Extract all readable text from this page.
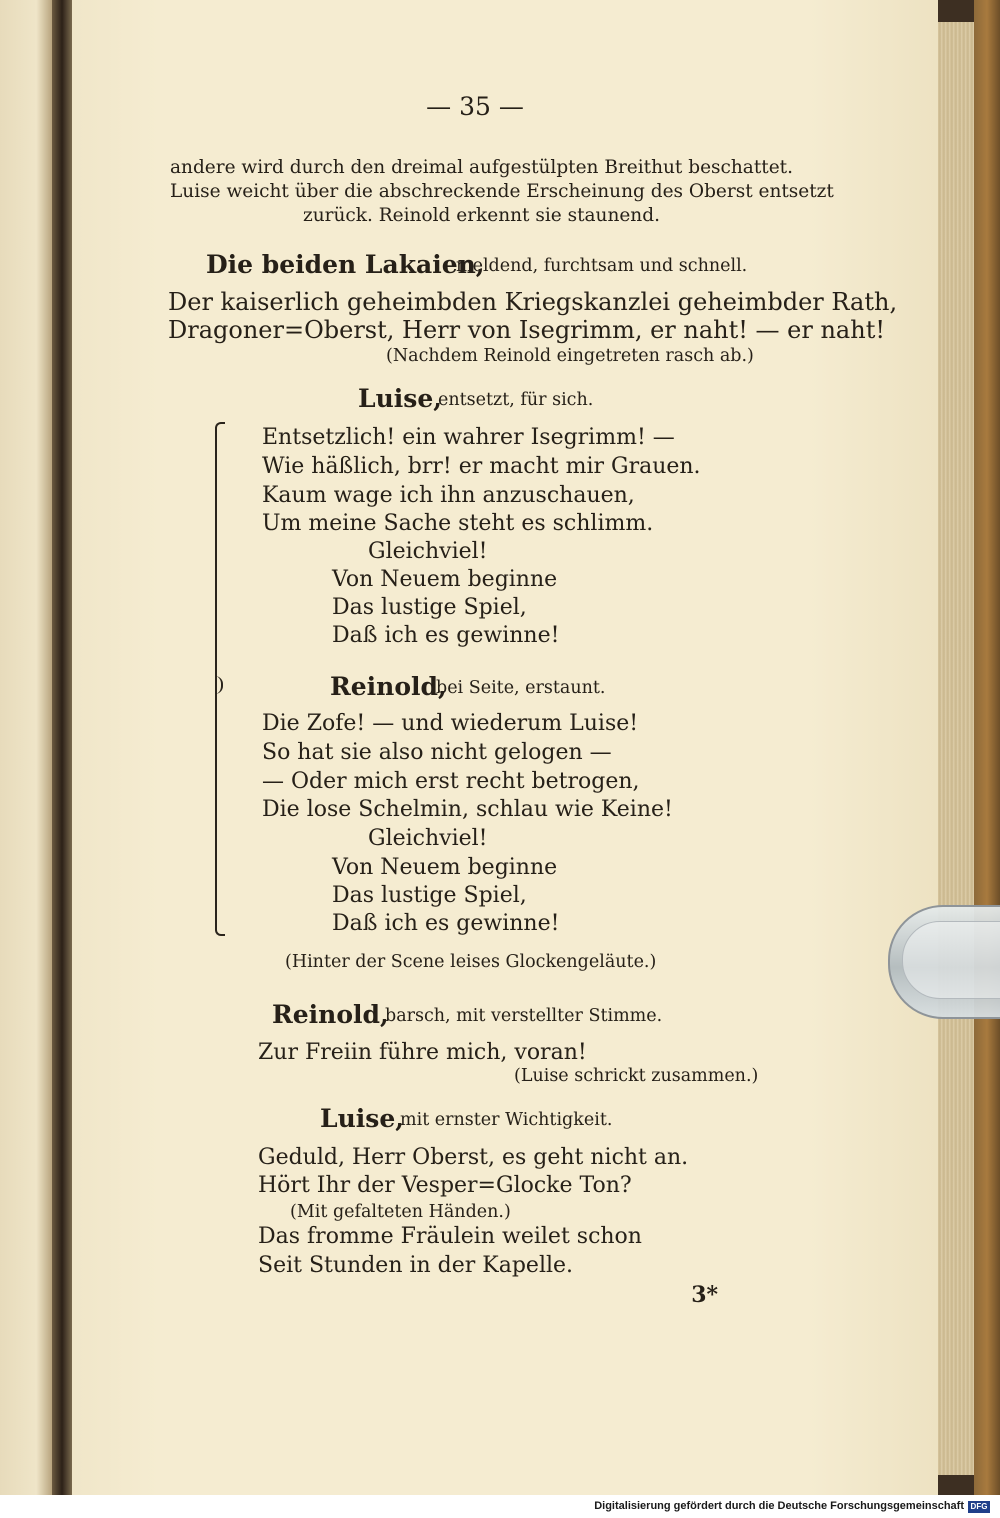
— 35 —

andere wird durch den dreimal aufgestülpten Breithut beschattet.

Luise weicht über die abschreckende Erscheinung des Oberst entsetzt

zurück. Reinold erkennt sie staunend.

Die beiden Lakaien,

meldend, furchtsam und schnell.

Der kaiserlich geheimbden Kriegskanzlei geheimbder Rath,

Dragoner=Oberst, Herr von Isegrimm, er naht! — er naht!

(Nachdem Reinold eingetreten rasch ab.)

Luise,

entsetzt, für sich.

Entsetzlich! ein wahrer Isegrimm! —

Wie häßlich, brr! er macht mir Grauen.

Kaum wage ich ihn anzuschauen,

Um meine Sache steht es schlimm.

Gleichviel!

Von Neuem beginne

Das lustige Spiel,

Daß ich es gewinne!

Reinold,

bei Seite, erstaunt.

Die Zofe! — und wiederum Luise!

So hat sie also nicht gelogen —

— Oder mich erst recht betrogen,

Die lose Schelmin, schlau wie Keine!

Gleichviel!

Von Neuem beginne

Das lustige Spiel,

Daß ich es gewinne!

(Hinter der Scene leises Glockengeläute.)

Reinold,

barsch, mit verstellter Stimme.

Zur Freiin führe mich, voran!

(Luise schrickt zusammen.)

Luise,

mit ernster Wichtigkeit.

Geduld, Herr Oberst, es geht nicht an.

Hört Ihr der Vesper=Glocke Ton?

(Mit gefalteten Händen.)

Das fromme Fräulein weilet schon

Seit Stunden in der Kapelle.

3*

Digitalisierung gefördert durch die Deutsche Forschungsgemeinschaft DFG
